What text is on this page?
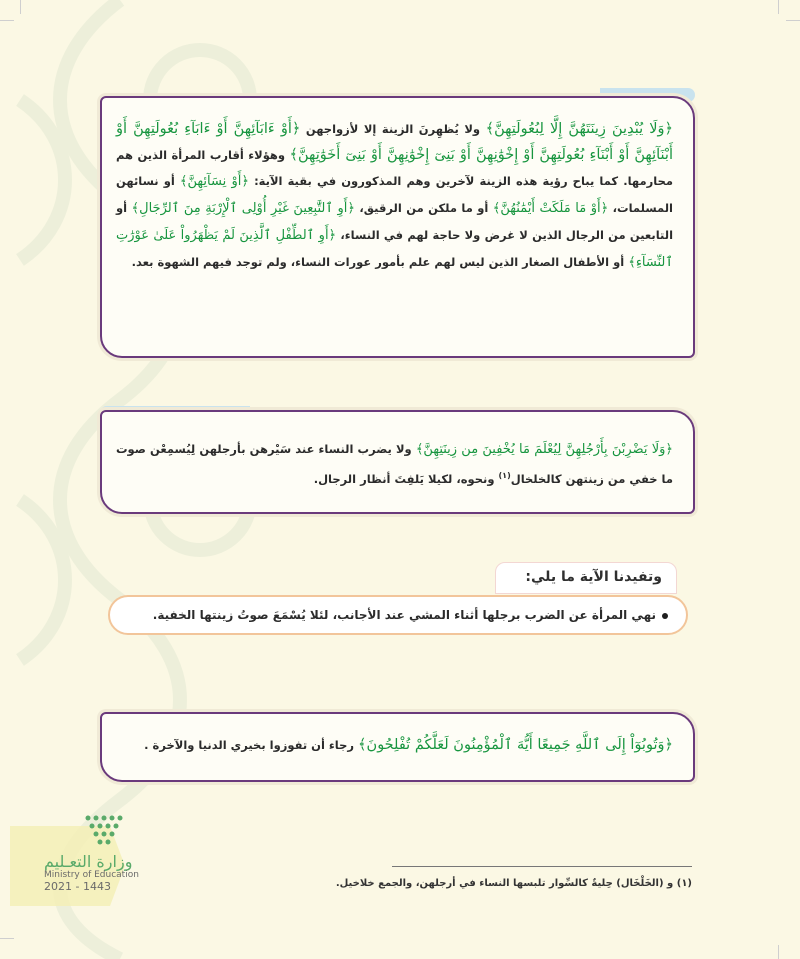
﴿وَلَا يُبْدِينَ زِينَتَهُنَّ إِلَّا لِبُعُولَتِهِنَّ﴾ ولا يُظهِرنَ الزينة إلا لأزواجهن ﴿أَوْ ءَابَآئِهِنَّ أَوْ ءَابَآءِ بُعُولَتِهِنَّ أَوْ أَبْنَآئِهِنَّ أَوْ أَبْنَآءِ بُعُولَتِهِنَّ أَوْ إِخْوَٰنِهِنَّ أَوْ بَنِىٓ إِخْوَٰنِهِنَّ أَوْ بَنِىٓ أَخَوَٰتِهِنَّ﴾ وهؤلاء أقارب المرأة الذين هم محارمها. كما يباح رؤية هذه الزينة لآخرين وهم المذكورون في بقية الآية: ﴿أَوْ نِسَآئِهِنَّ﴾ أو نسائهن المسلمات، ﴿أَوْ مَا مَلَكَتْ أَيْمَٰنُهُنَّ﴾ أو ما ملكن من الرقيق، ﴿أَوِ ٱلتَّٰبِعِينَ غَيْرِ أُوْلِى ٱلْإِرْبَةِ مِنَ ٱلرِّجَالِ﴾ أو التابعين من الرجال الذين لا غرض ولا حاجة لهم في النساء، ﴿أَوِ ٱلطِّفْلِ ٱلَّذِينَ لَمْ يَظْهَرُواْ عَلَىٰ عَوْرَٰتِ ٱلنِّسَآءِ﴾ أو الأطفال الصغار الذين ليس لهم علم بأمور عورات النساء، ولم توجد فيهم الشهوة بعد.

﴿وَلَا يَضْرِبْنَ بِأَرْجُلِهِنَّ لِيُعْلَمَ مَا يُخْفِينَ مِن زِينَتِهِنَّ﴾ ولا يضرب النساء عند سَيْرهن بأرجلهن لِيُسمِعْن صوت ما خفي من زينتهن كالخلخال$^{(١)}$ ونحوه، لكيلا يَلفِتَ أنظار الرجال.

وتفيدنا الآية ما يلي:
نهي المرأة عن الضرب برجلها أثناء المشي عند الأجانب، لئلا يُسْمَعَ صوتُ زينتها الخفية.

﴿وَتُوبُوٓاْ إِلَى ٱللَّهِ جَمِيعًا أَيُّهَ ٱلْمُؤْمِنُونَ لَعَلَّكُمْ تُفْلِحُونَ﴾ رجاء أن تفوزوا بخيري الدنيا والآخرة .

(١) و (الخَلْخَال) حِليةٌ كالسِّوار تلبسها النساء في أرجلهن، والجمع خلاخيل.
وزارة التعـليم
Ministry of Education
2021 - 1443
